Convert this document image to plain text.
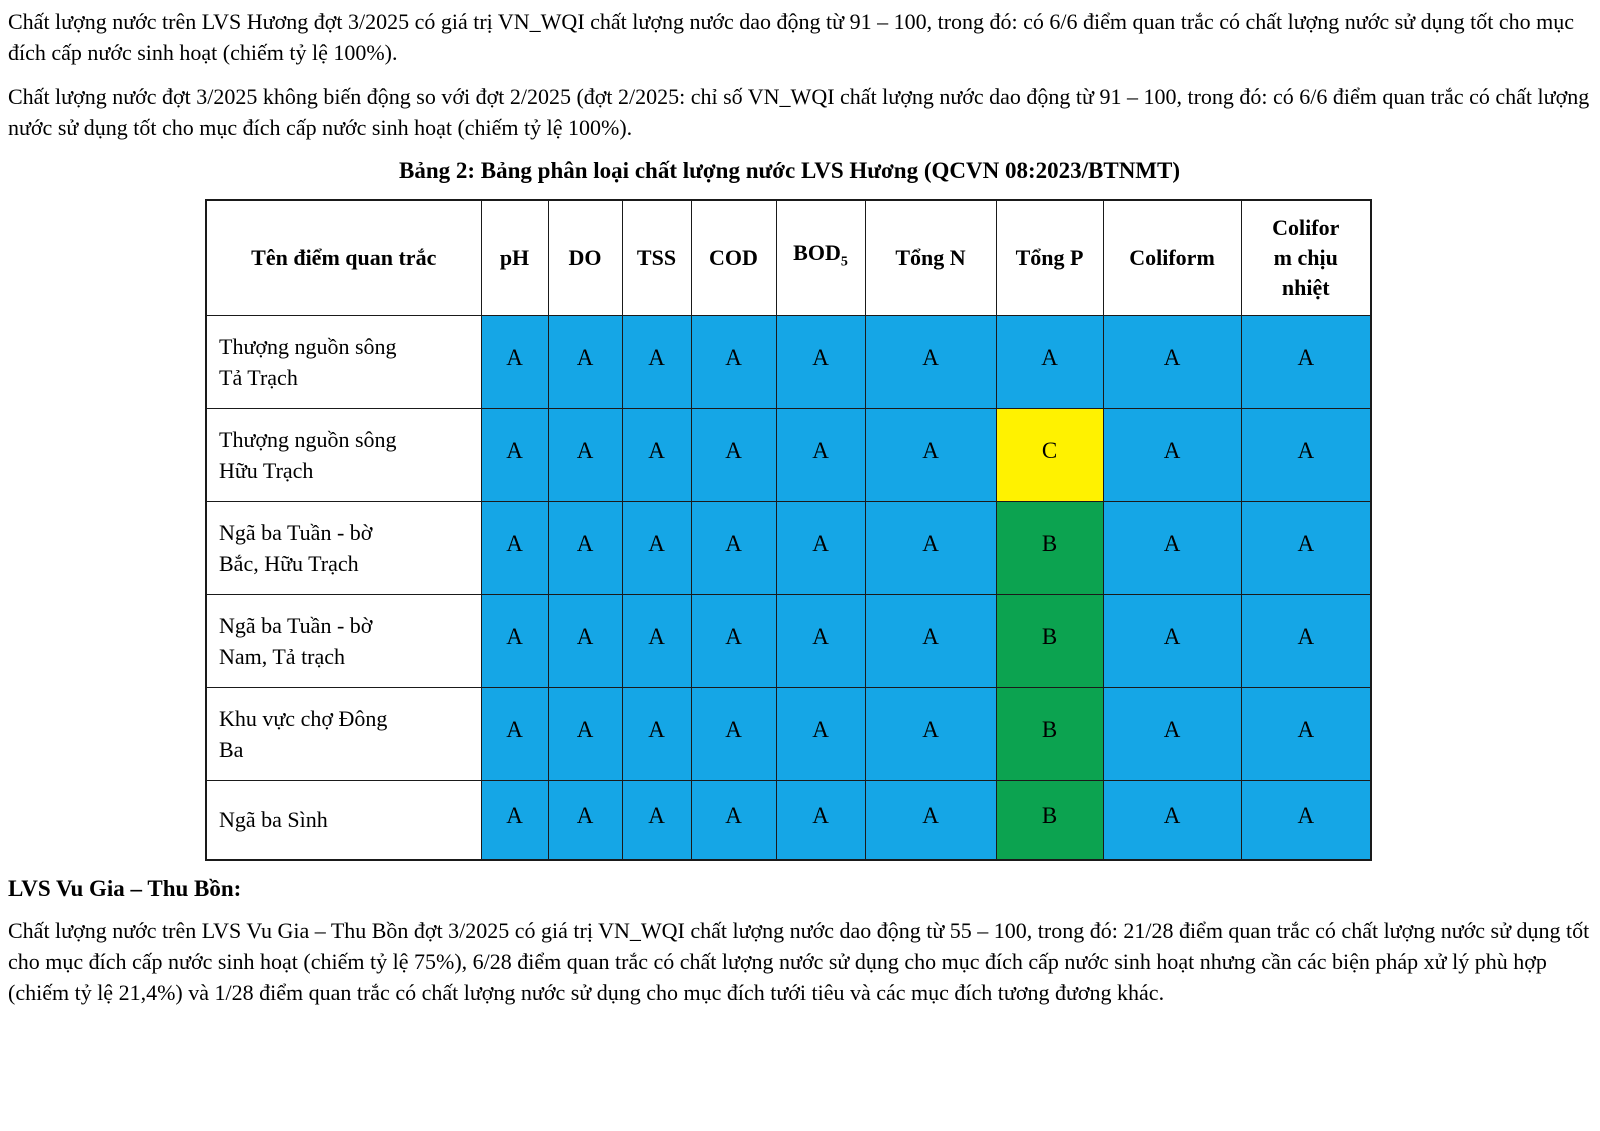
Chất lượng nước trên LVS Hương đợt 3/2025 có giá trị VN_WQI chất lượng nước dao động từ 91 – 100, trong đó: có 6/6 điểm quan trắc có chất lượng nước sử dụng tốt cho mục đích cấp nước sinh hoạt (chiếm tỷ lệ 100%).

Chất lượng nước đợt 3/2025 không biến động so với đợt 2/2025 (đợt 2/2025: chỉ số VN_WQI chất lượng nước dao động từ 91 – 100, trong đó: có 6/6 điểm quan trắc có chất lượng nước sử dụng tốt cho mục đích cấp nước sinh hoạt (chiếm tỷ lệ 100%).

Bảng 2: Bảng phân loại chất lượng nước LVS Hương (QCVN 08:2023/BTNMT)
Tên điểm quan trắc	pH	DO	TSS	COD	$BOD_5$	Tổng N	Tổng P	Coliform	Coliform chịu nhiệt

Thượng nguồn sông Tả Trạch	A	A	A	A	A	A	A	A	A
Thượng nguồn sông Hữu Trạch	A	A	A	A	A	A	C	A	A
Ngã ba Tuần - bờ Bắc, Hữu Trạch	A	A	A	A	A	A	B	A	A
Ngã ba Tuần - bờ Nam, Tả trạch	A	A	A	A	A	A	B	A	A
Khu vực chợ Đông Ba	A	A	A	A	A	A	B	A	A
Ngã ba Sình	A	A	A	A	A	A	B	A	A
LVS Vu Gia – Thu Bồn:

Chất lượng nước trên LVS Vu Gia – Thu Bồn đợt 3/2025 có giá trị VN_WQI chất lượng nước dao động từ 55 – 100, trong đó: 21/28 điểm quan trắc có chất lượng nước sử dụng tốt cho mục đích cấp nước sinh hoạt (chiếm tỷ lệ 75%), 6/28 điểm quan trắc có chất lượng nước sử dụng cho mục đích cấp nước sinh hoạt nhưng cần các biện pháp xử lý phù hợp (chiếm tỷ lệ 21,4%) và 1/28 điểm quan trắc có chất lượng nước sử dụng cho mục đích tưới tiêu và các mục đích tương đương khác.
